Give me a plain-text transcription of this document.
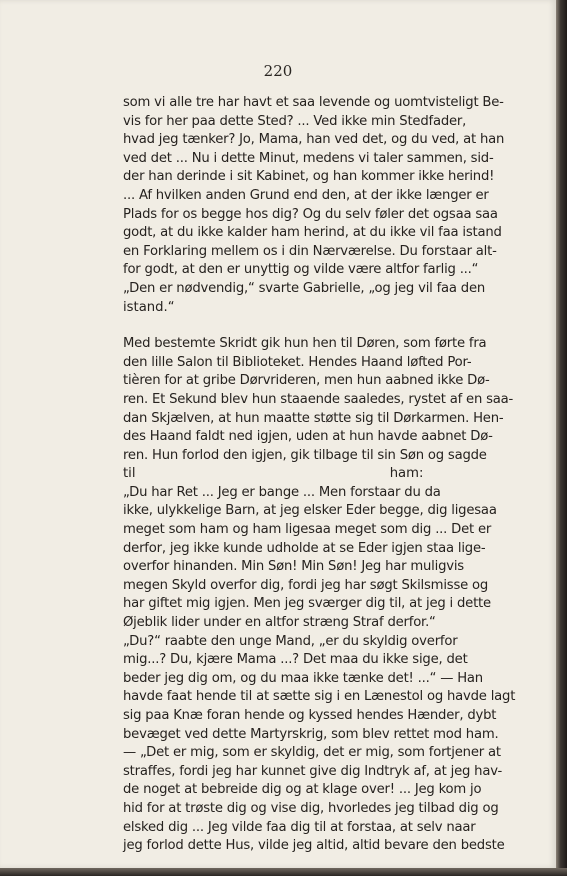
220
som vi alle tre har havt et saa levende og uomtvisteligt Be-
vis for her paa dette Sted? ... Ved ikke min Stedfader,
hvad jeg tænker? Jo, Mama, han ved det, og du ved, at han
ved det ... Nu i dette Minut, medens vi taler sammen, sid-
der han derinde i sit Kabinet, og han kommer ikke herind!
... Af hvilken anden Grund end den, at der ikke længer er
Plads for os begge hos dig? Og du selv føler det ogsaa saa
godt, at du ikke kalder ham herind, at du ikke vil faa istand
en Forklaring mellem os i din Nærværelse. Du forstaar alt-
for godt, at den er unyttig og vilde være altfor farlig ...“
„Den er nødvendig,“ svarte Gabrielle, „og jeg vil faa den
istand.“
Med bestemte Skridt gik hun hen til Døren, som førte fra
den lille Salon til Biblioteket. Hendes Haand løfted Por-
tièren for at gribe Dørvrideren, men hun aabned ikke Dø-
ren. Et Sekund blev hun staaende saaledes, rystet af en saa-
dan Skjælven, at hun maatte støtte sig til Dørkarmen. Hen-
des Haand faldt ned igjen, uden at hun havde aabnet Dø-
ren. Hun forlod den igjen, gik tilbage til sin Søn og sagde
til ham:
„Du har Ret ... Jeg er bange ... Men forstaar du da
ikke, ulykkelige Barn, at jeg elsker Eder begge, dig ligesaa
meget som ham og ham ligesaa meget som dig ... Det er
derfor, jeg ikke kunde udholde at se Eder igjen staa lige-
overfor hinanden. Min Søn! Min Søn! Jeg har muligvis
megen Skyld overfor dig, fordi jeg har søgt Skilsmisse og
har giftet mig igjen. Men jeg sværger dig til, at jeg i dette
Øjeblik lider under en altfor stræng Straf derfor.“
„Du?“ raabte den unge Mand, „er du skyldig overfor
mig...? Du, kjære Mama ...? Det maa du ikke sige, det
beder jeg dig om, og du maa ikke tænke det! ...“ — Han
havde faat hende til at sætte sig i en Lænestol og havde lagt
sig paa Knæ foran hende og kyssed hendes Hænder, dybt
bevæget ved dette Martyrskrig, som blev rettet mod ham.
— „Det er mig, som er skyldig, det er mig, som fortjener at
straffes, fordi jeg har kunnet give dig Indtryk af, at jeg hav-
de noget at bebreide dig og at klage over! ... Jeg kom jo
hid for at trøste dig og vise dig, hvorledes jeg tilbad dig og
elsked dig ... Jeg vilde faa dig til at forstaa, at selv naar
jeg forlod dette Hus, vilde jeg altid, altid bevare den bedste
